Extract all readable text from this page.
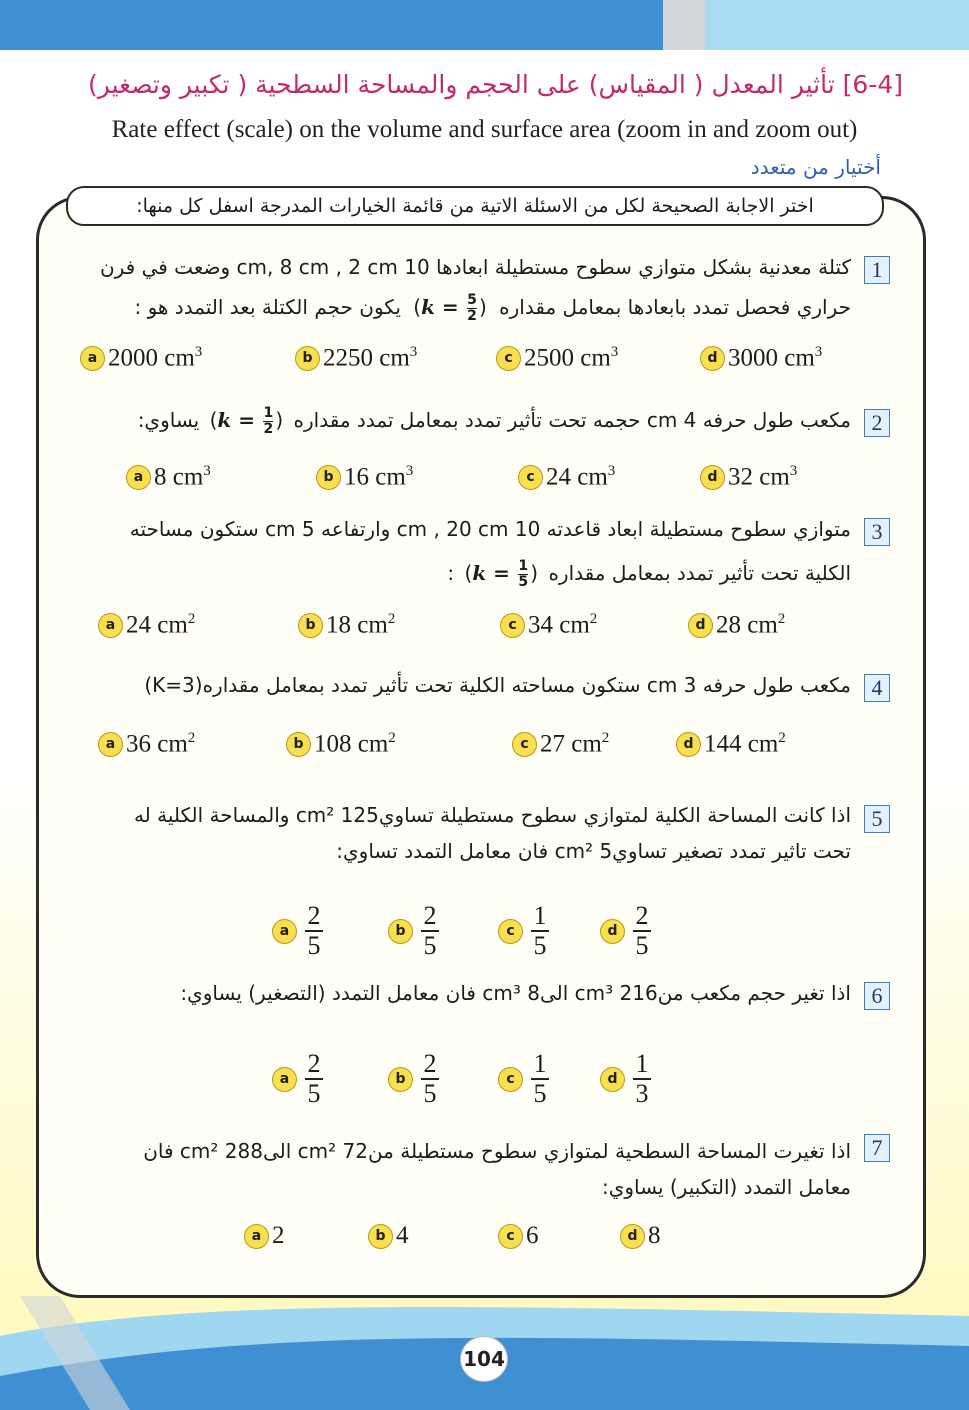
[6-4] تأثير المعدل ( المقياس) على الحجم والمساحة السطحية ( تكبير وتصغير)
Rate effect (scale) on the volume and surface area (zoom in and zoom out)
أختيار من متعدد
اختر الاجابة الصحيحة لكل من الاسئلة الاتية من قائمة الخيارات المدرجة اسفل كل منها:
1
كتلة معدنية بشكل متوازي سطوح مستطيلة ابعادها 10 cm, 8 cm , 2 cm وضعت في فرن
حراري فحصل تمدد بابعادها بمعامل مقداره ($k = \frac{5}{2}$ ) يكون حجم الكتلة بعد التمدد هو :
a 2000 $cm^3$	b 2250 $cm^3$	c 2500 $cm^3$	d 3000 $cm^3$
2
مكعب طول حرفه 4 cm حجمه تحت تأثير تمدد بمعامل تمدد مقداره ($k = \frac{1}{2}$ ) يساوي:
a 8 $cm^3$	b 16 $cm^3$	c 24 $cm^3$	d 32 $cm^3$
3
متوازي سطوح مستطيلة ابعاد قاعدته 10 cm , 20 cm وارتفاعه 5 cm ستكون مساحته
الكلية تحت تأثير تمدد بمعامل مقداره ($k = \frac{1}{5}$ ) :
a 24 $cm^2$	b 18 $cm^2$	c 34 $cm^2$	d 28 $cm^2$
4
مكعب طول حرفه 3 cm ستكون مساحته الكلية تحت تأثير تمدد بمعامل مقداره(K=3)
a 36 $cm^2$	b 108 $cm^2$	c 27 $cm^2$	d 144 $cm^2$
5
اذا كانت المساحة الكلية لمتوازي سطوح مستطيلة تساوي125 cm² والمساحة الكلية له
تحت تاثير تمدد تصغير تساوي5 cm² فان معامل التمدد تساوي:
a $\frac{2}{5}$	b $\frac{2}{5}$	c $\frac{1}{5}$	d $\frac{2}{5}$
6
اذا تغير حجم مكعب من216 cm³ الى8 cm³ فان معامل التمدد (التصغير) يساوي:
a $\frac{2}{5}$	b $\frac{2}{5}$	c $\frac{1}{5}$	d $\frac{1}{3}$
7
اذا تغيرت المساحة السطحية لمتوازي سطوح مستطيلة من72 cm² الى288 cm² فان
معامل التمدد (التكبير) يساوي:
a 2	b 4	c 6	d 8
104
